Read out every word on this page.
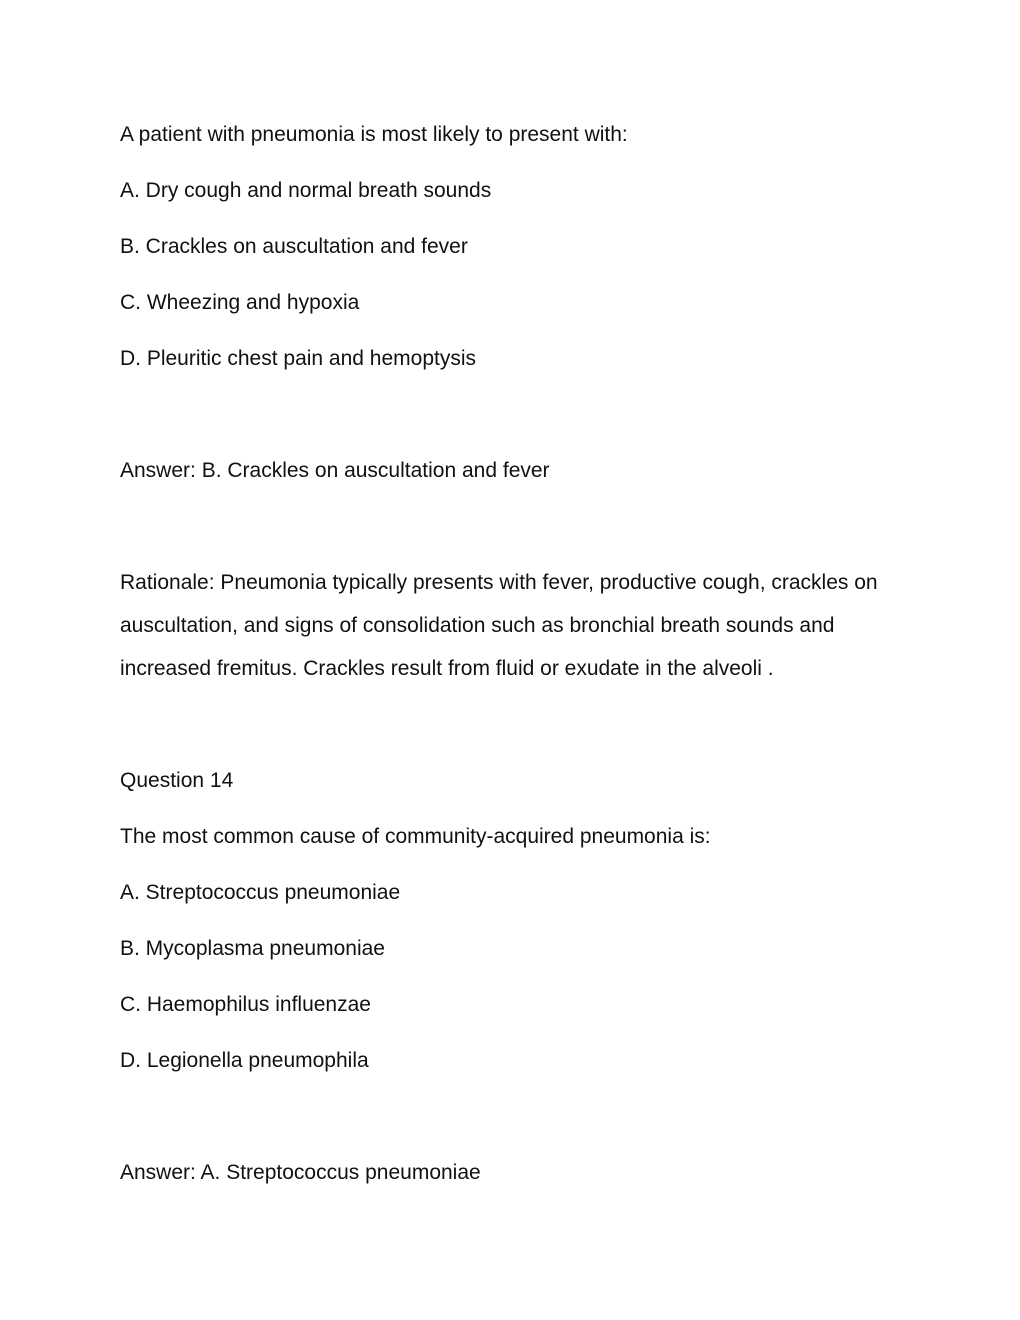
A patient with pneumonia is most likely to present with:

A. Dry cough and normal breath sounds

B. Crackles on auscultation and fever

C. Wheezing and hypoxia

D. Pleuritic chest pain and hemoptysis

Answer: B. Crackles on auscultation and fever

Rationale: Pneumonia typically presents with fever, productive cough, crackles on

auscultation, and signs of consolidation such as bronchial breath sounds and

increased fremitus. Crackles result from fluid or exudate in the alveoli .

Question 14

The most common cause of community-acquired pneumonia is:

A. Streptococcus pneumoniae

B. Mycoplasma pneumoniae

C. Haemophilus influenzae

D. Legionella pneumophila

Answer: A. Streptococcus pneumoniae
